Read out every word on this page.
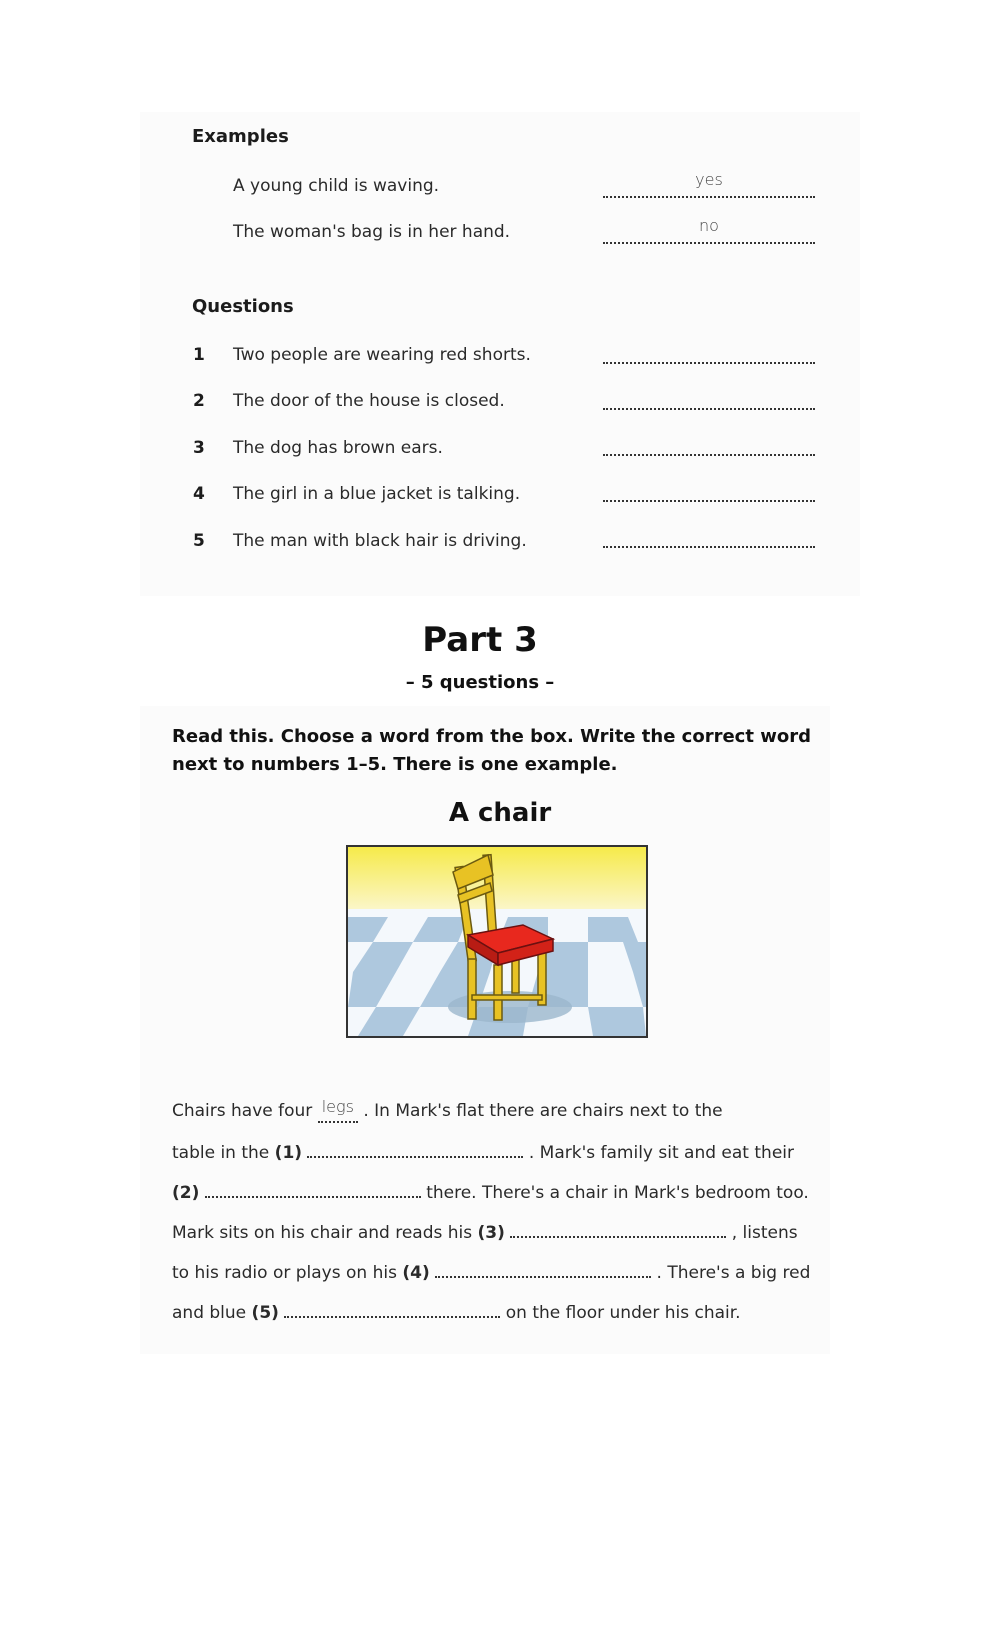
Examples
A young child is waving.	yes
The woman's bag is in her hand.	no
Questions
1 Two people are wearing red shorts.
2 The door of the house is closed.
3 The dog has brown ears.
4 The girl in a blue jacket is talking.
5 The man with black hair is driving.
Part 3
– 5 questions –
Read this. Choose a word from the box. Write the correct word next to numbers 1–5. There is one example.
A chair
Chairs have four legs . In Mark's flat there are chairs next to the
table in the (1)	. Mark's family sit and eat their
(2)	there. There's a chair in Mark's bedroom too.
Mark sits on his chair and reads his (3)	, listens
to his radio or plays on his (4)	. There's a big red
and blue (5)	on the floor under his chair.
